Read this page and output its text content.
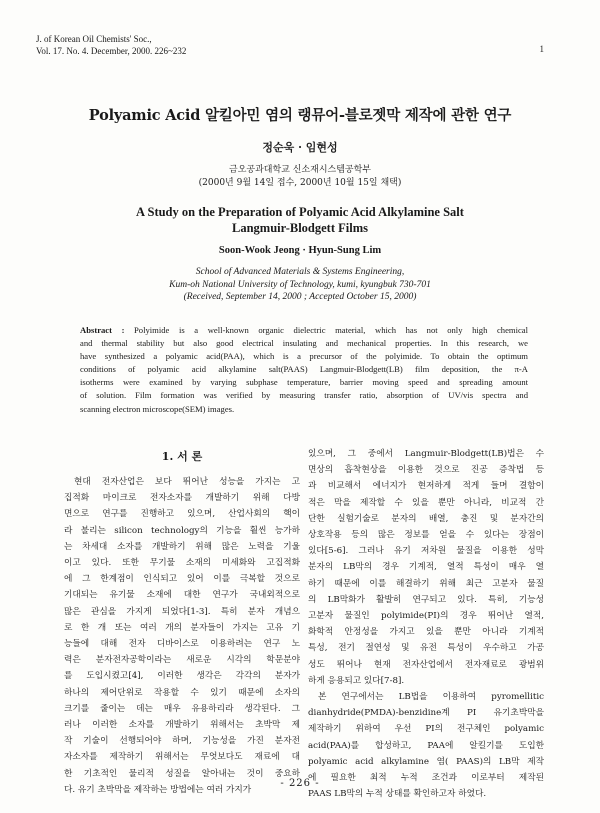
J. of Korean Oil Chemists' Soc.,
Vol. 17. No. 4. December, 2000. 226~232	1
Polyamic Acid 알킬아민 염의 랭뮤어-블로젯막 제작에 관한 연구
정순욱 · 임현성
금오공과대학교 신소재시스템공학부
(2000년 9월 14일 접수, 2000년 10월 15일 채택)
A Study on the Preparation of Polyamic Acid Alkylamine Salt
Langmuir-Blodgett Films
Soon-Wook Jeong · Hyun-Sung Lim
School of Advanced Materials & Systems Engineering,
Kum-oh National University of Technology, kumi, kyungbuk 730-701
(Received, September 14, 2000 ; Accepted October 15, 2000)
Abstract : Polyimide is a well-known organic dielectric material, which has not only high chemical
and thermal stability but also good electrical insulating and mechanical properties. In this research, we
have synthesized a polyamic acid(PAA), which is a precursor of the polyimide. To obtain the optimum
conditions of polyamic acid alkylamine salt(PAAS) Langmuir-Blodgett(LB) film deposition, the π-A
isotherms were examined by varying subphase temperature, barrier moving speed and spreading amount
of solution. Film formation was verified by measuring transfer ratio, absorption of UV/vis spectra and
scanning electron microscope(SEM) images.
1. 서 론
현대 전자산업은 보다 뛰어난 성능을 가지는 고
집적화 마이크로 전자소자를 개발하기 위해 다방
면으로 연구를 진행하고 있으며, 산업사회의 핵이
라 불리는 silicon technology의 기능을 훨씬 능가하
는 차세대 소자를 개발하기 위해 많은 노력을 기울
이고 있다. 또한 무기물 소재의 미세화와 고집적화
에 그 한계점이 인식되고 있어 이를 극복할 것으로
기대되는 유기물 소재에 대한 연구가 국내외적으로
많은 관심을 가지게 되었다[1-3]. 특히 분자 개념으
로 한 개 또는 여러 개의 분자들이 가지는 고유 기
능들에 대해 전자 디바이스로 이용하려는 연구 노
력은 분자전자공학이라는 새로운 시각의 학문분야
를 도입시켰고[4], 이러한 생각은 각각의 분자가
하나의 제어단위로 작용할 수 있기 때문에 소자의
크기를 줄이는 데는 매우 유용하리라 생각된다. 그
러나 이러한 소자를 개발하기 위해서는 초박막 제
작 기술이 선행되어야 하며, 기능성을 가진 분자전
자소자를 제작하기 위해서는 무엇보다도 재료에 대
한 기초적인 물리적 성질을 알아내는 것이 중요하
다. 유기 초박막을 제작하는 방법에는 여러 가지가
있으며, 그 중에서 Langmuir-Blodgett(LB)법은 수
면상의 흡착현상을 이용한 것으로 진공 증착법 등
과 비교해서 에너지가 현저하게 적게 들며 결함이
적은 막을 제작할 수 있을 뿐만 아니라, 비교적 간
단한 실험기술로 분자의 배열, 충진 및 분자간의
상호작용 등의 많은 정보를 얻을 수 있다는 장점이
있다[5-6]. 그러나 유기 저차원 물질을 이용한 성막
분자의 LB막의 경우 기계적, 열적 특성이 매우 열
하기 때문에 이를 해결하기 위해 최근 고분자 물질
의 LB막화가 활발히 연구되고 있다. 특히, 기능성
고분자 물질인 polyimide(PI)의 경우 뛰어난 열적,
화학적 안정성을 가지고 있을 뿐만 아니라 기계적
특성, 전기 절연성 및 유전 특성이 우수하고 가공
성도 뛰어나 현재 전자산업에서 전자재료로 광범위
하게 응용되고 있다[7-8].
본 연구에서는 LB법을 이용하여 pyromellitic
dianhydride(PMDA)-benzidine계 PI 유기초박막을
제작하기 위하여 우선 PI의 전구체인 polyamic
acid(PAA)를 합성하고, PAA에 알킬기를 도입한
polyamic acid alkylamine 염( PAAS)의 LB막 제작
에 필요한 최적 누적 조건과 이로부터 제작된
PAAS LB막의 누적 상태를 확인하고자 하였다.
- 226 -
